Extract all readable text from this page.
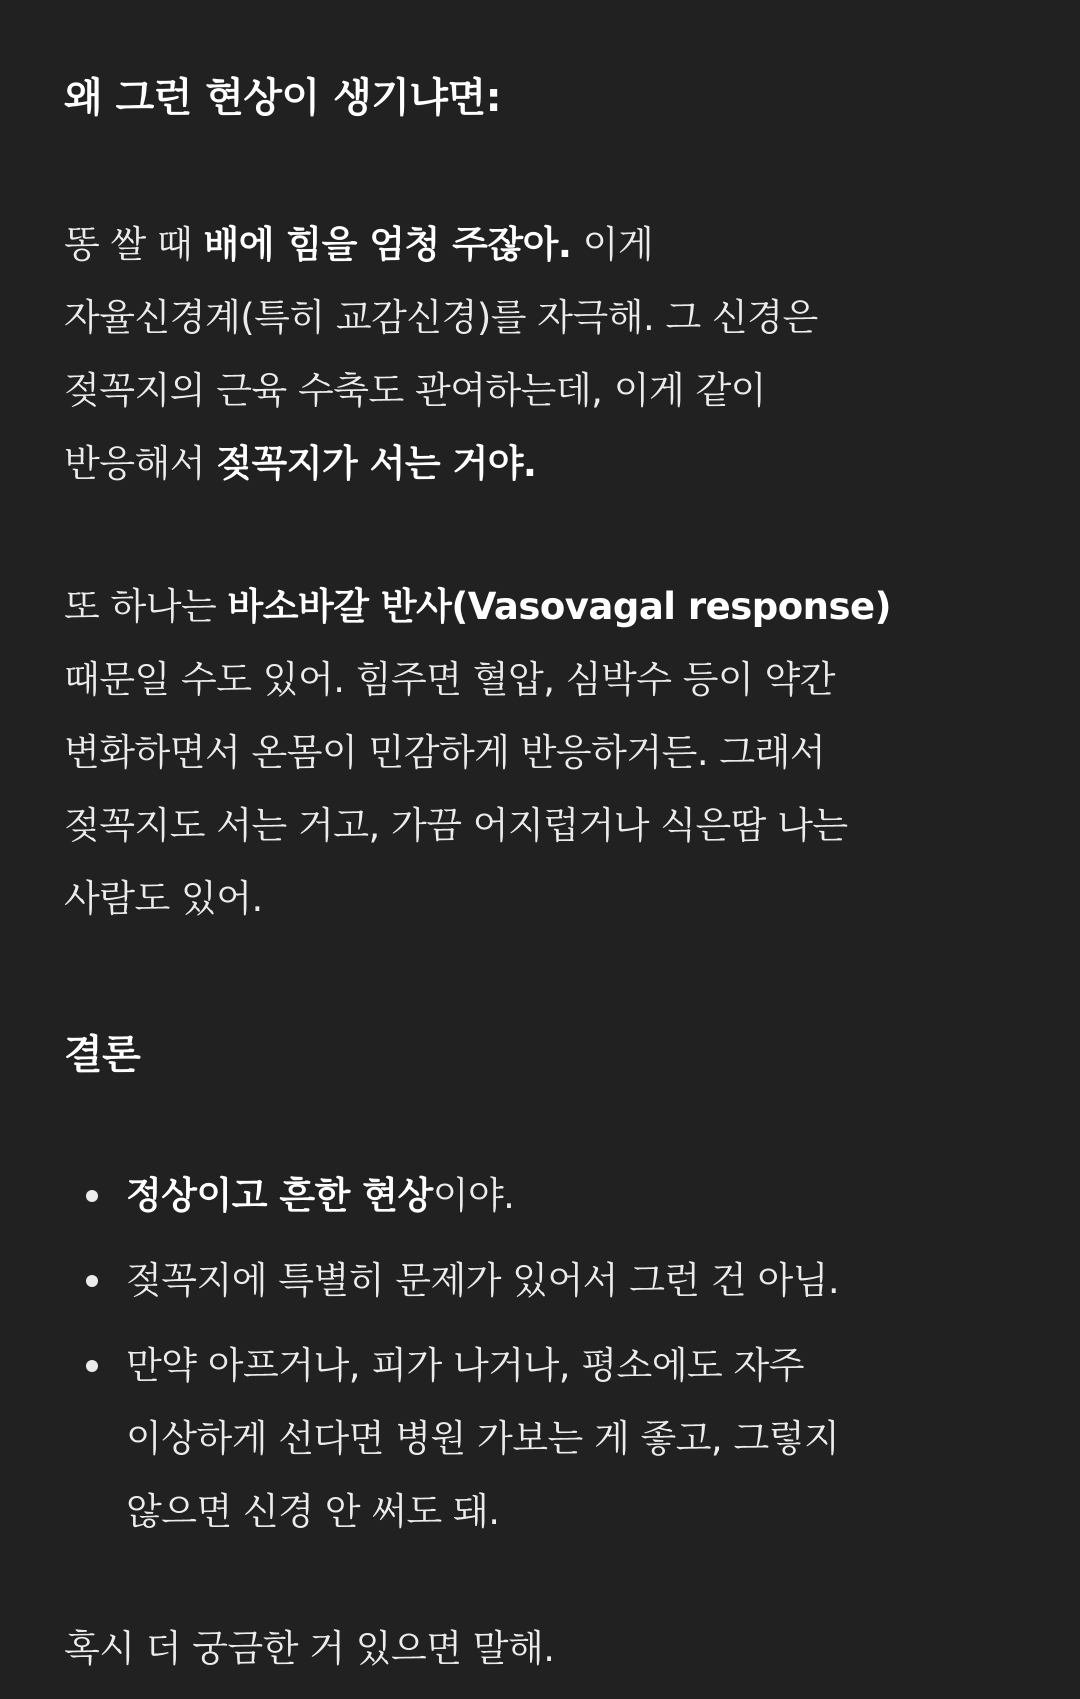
왜 그런 현상이 생기냐면:

똥 쌀 때 배에 힘을 엄청 주잖아. 이게
자율신경계(특히 교감신경)를 자극해. 그 신경은
젖꼭지의 근육 수축도 관여하는데, 이게 같이
반응해서 젖꼭지가 서는 거야.

또 하나는 바소바갈 반사(Vasovagal response)
때문일 수도 있어. 힘주면 혈압, 심박수 등이 약간
변화하면서 온몸이 민감하게 반응하거든. 그래서
젖꼭지도 서는 거고, 가끔 어지럽거나 식은땀 나는
사람도 있어.

결론
정상이고 흔한 현상이야.
젖꼭지에 특별히 문제가 있어서 그런 건 아님.
만약 아프거나, 피가 나거나, 평소에도 자주
이상하게 선다면 병원 가보는 게 좋고, 그렇지
않으면 신경 안 써도 돼.

혹시 더 궁금한 거 있으면 말해.
